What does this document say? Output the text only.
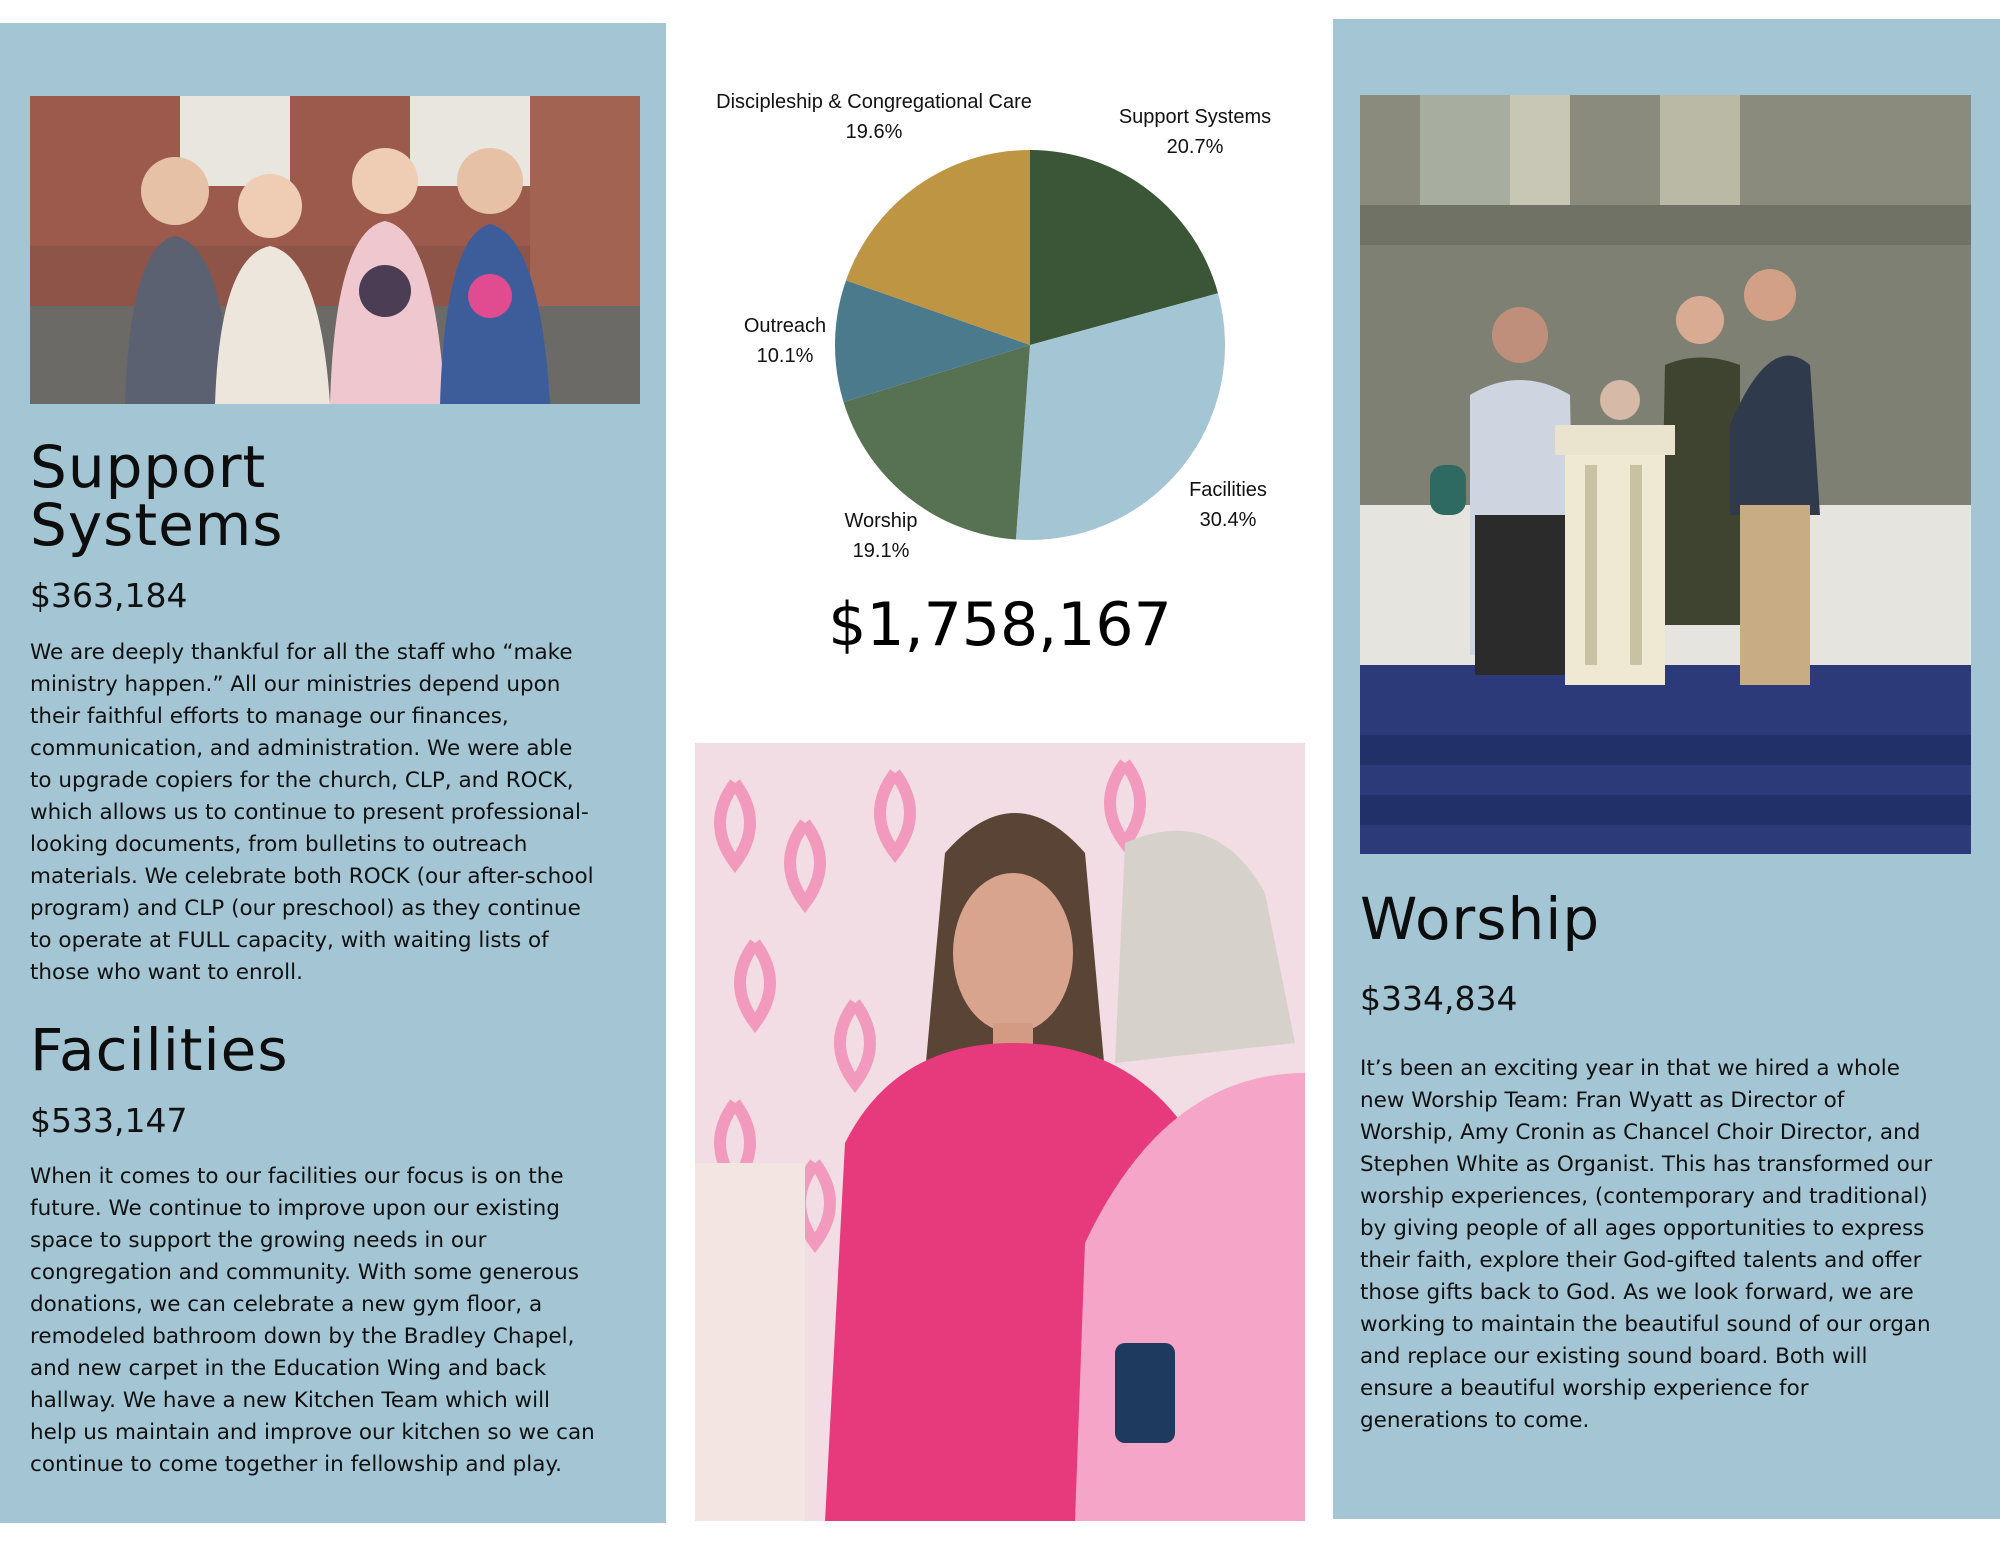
Support
Systems

$363,184

We are deeply thankful for all the staff who “make ministry happen.” All our ministries depend upon their faithful efforts to manage our finances, communication, and administration. We were able to upgrade copiers for the church, CLP, and ROCK, which allows us to continue to present professional-looking documents, from bulletins to outreach materials. We celebrate both ROCK (our after-school program) and CLP (our preschool) as they continue to operate at FULL capacity, with waiting lists of those who want to enroll.

Facilities

$533,147

When it comes to our facilities our focus is on the future. We continue to improve upon our existing space to support the growing needs in our congregation and community. With some generous donations, we can celebrate a new gym floor, a remodeled bathroom down by the Bradley Chapel, and new carpet in the Education Wing and back hallway. We have a new Kitchen Team which will help us maintain and improve our kitchen so we can continue to come together in fellowship and play.

Discipleship & Congregational Care
19.6%
Support Systems
20.7%
Outreach
10.1%
Facilities
30.4%
Worship
19.1%
$1,758,167
Worship

$334,834

It’s been an exciting year in that we hired a whole new Worship Team: Fran Wyatt as Director of Worship, Amy Cronin as Chancel Choir Director, and Stephen White as Organist. This has transformed our worship experiences, (contemporary and traditional) by giving people of all ages opportunities to express their faith, explore their God-gifted talents and offer those gifts back to God. As we look forward, we are working to maintain the beautiful sound of our organ and replace our existing sound board. Both will ensure a beautiful worship experience for generations to come.
